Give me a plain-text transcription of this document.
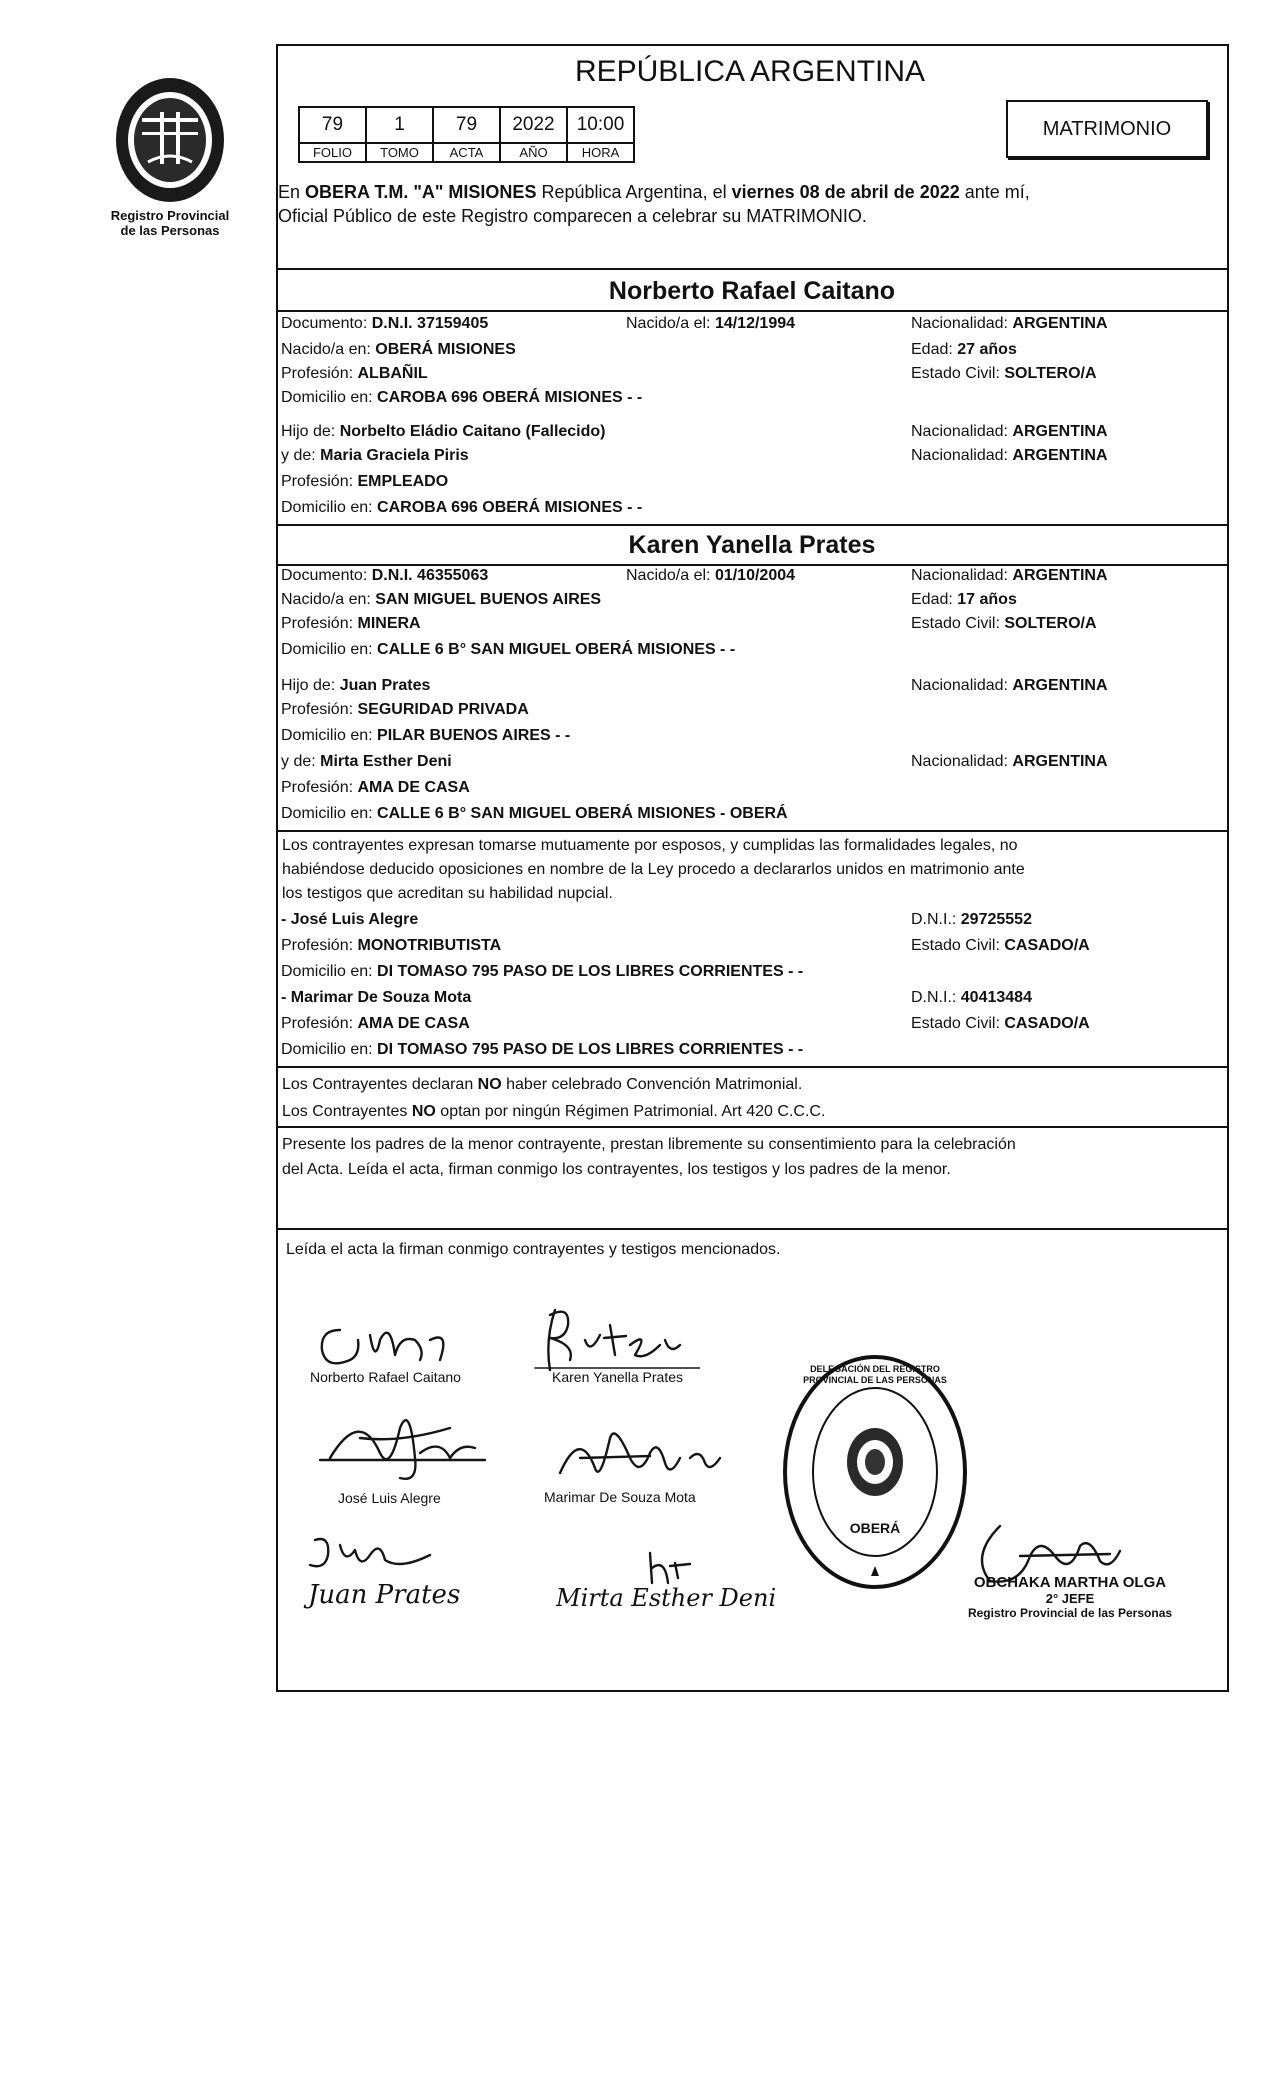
Registro Provincial
de las Personas
REPÚBLICA ARGENTINA
79	1	79	2022	10:00
FOLIO	TOMO	ACTA	AÑO	HORA
MATRIMONIO
En OBERA T.M. "A" MISIONES República Argentina, el viernes 08 de abril de 2022 ante mí,
Oficial Público de este Registro comparecen a celebrar su MATRIMONIO.
Norberto Rafael Caitano
Documento: D.N.I. 37159405	Nacido/a el: 14/12/1994	Nacionalidad: ARGENTINA
Nacido/a en: OBERÁ MISIONES	Edad: 27 años
Profesión: ALBAÑIL	Estado Civil: SOLTERO/A
Domicilio en: CAROBA 696 OBERÁ MISIONES - -
Hijo de: Norbelto Eládio Caitano (Fallecido)	Nacionalidad: ARGENTINA
y de: Maria Graciela Piris	Nacionalidad: ARGENTINA
Profesión: EMPLEADO
Domicilio en: CAROBA 696 OBERÁ MISIONES - -
Karen Yanella Prates
Documento: D.N.I. 46355063	Nacido/a el: 01/10/2004	Nacionalidad: ARGENTINA
Nacido/a en: SAN MIGUEL BUENOS AIRES	Edad: 17 años
Profesión: MINERA	Estado Civil: SOLTERO/A
Domicilio en: CALLE 6 B° SAN MIGUEL OBERÁ MISIONES - -
Hijo de: Juan Prates	Nacionalidad: ARGENTINA
Profesión: SEGURIDAD PRIVADA
Domicilio en: PILAR BUENOS AIRES - -
y de: Mirta Esther Deni	Nacionalidad: ARGENTINA
Profesión: AMA DE CASA
Domicilio en: CALLE 6 B° SAN MIGUEL OBERÁ MISIONES - OBERÁ
Los contrayentes expresan tomarse mutuamente por esposos, y cumplidas las formalidades legales, no
habiéndose deducido oposiciones en nombre de la Ley procedo a declararlos unidos en matrimonio ante
los testigos que acreditan su habilidad nupcial.
- José Luis Alegre	D.N.I.: 29725552
Profesión: MONOTRIBUTISTA	Estado Civil: CASADO/A
Domicilio en: DI TOMASO 795 PASO DE LOS LIBRES CORRIENTES - -
- Marimar De Souza Mota	D.N.I.: 40413484
Profesión: AMA DE CASA	Estado Civil: CASADO/A
Domicilio en: DI TOMASO 795 PASO DE LOS LIBRES CORRIENTES - -
Los Contrayentes declaran NO haber celebrado Convención Matrimonial.
Los Contrayentes NO optan por ningún Régimen Patrimonial. Art 420 C.C.C.
Presente los padres de la menor contrayente, prestan libremente su consentimiento para la celebración
del Acta. Leída el acta, firman conmigo los contrayentes, los testigos y los padres de la menor.
Leída el acta la firman conmigo contrayentes y testigos mencionados.
Norberto Rafael Caitano	Karen Yanella Prates
José Luis Alegre	Marimar De Souza Mota
Juan Prates	Mirta Esther Deni
OBERÁ
DELEGACIÓN DEL REGISTRO PROVINCIAL DE LAS PERSONAS
OBCHAKA MARTHA OLGA
2° JEFE
Registro Provincial de las Personas
